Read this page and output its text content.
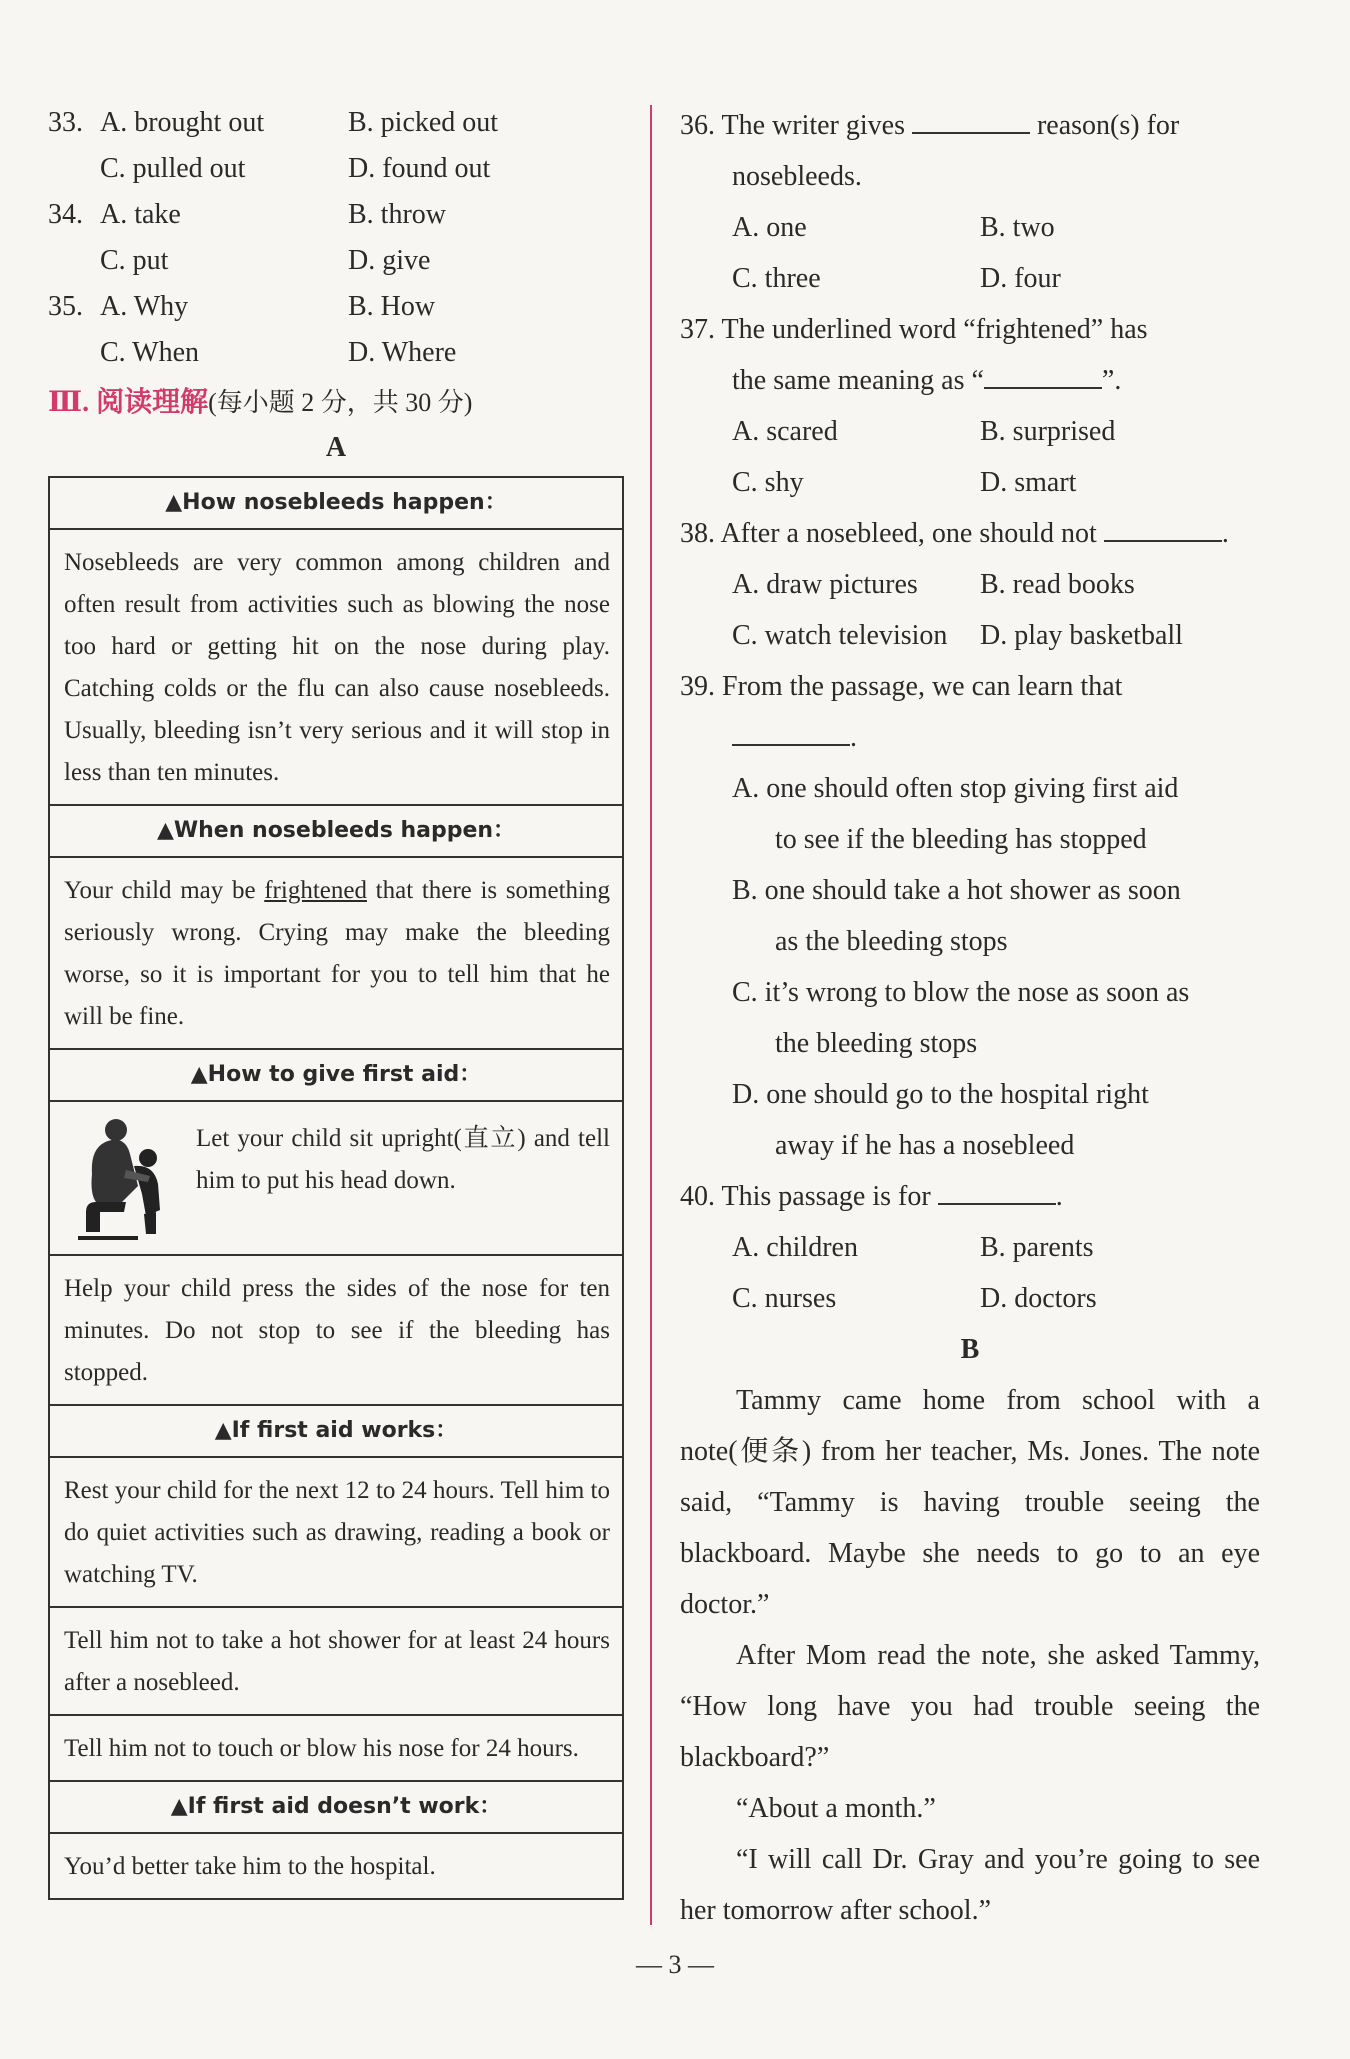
33. A. brought out	B. picked out
C. pulled out	D. found out
34. A. take	B. throw
C. put	D. give
35. A. Why	B. How
C. When	D. Where
Ⅲ. 阅读理解(每小题 2 分，共 30 分)
A
▲How nosebleeds happen：
Nosebleeds are very common among children and often result from activities such as blowing the nose too hard or getting hit on the nose during play. Catching colds or the flu can also cause nosebleeds. Usually, bleeding isn’t very serious and it will stop in less than ten minutes.
▲When nosebleeds happen：
Your child may be frightened that there is something seriously wrong. Crying may make the bleeding worse, so it is important for you to tell him that he will be fine.
▲How to give first aid：
Let your child sit upright(直立) and tell him to put his head down.
Help your child press the sides of the nose for ten minutes. Do not stop to see if the bleeding has stopped.
▲If first aid works：
Rest your child for the next 12 to 24 hours. Tell him to do quiet activities such as drawing, reading a book or watching TV.
Tell him not to take a hot shower for at least 24 hours after a nosebleed.
Tell him not to touch or blow his nose for 24 hours.
▲If first aid doesn’t work：
You’d better take him to the hospital.
36. The writer gives	reason(s) for
nosebleeds.
A. one	B. two
C. three	D. four
37. The underlined word “frightened” has
the same meaning as “	”.
A. scared	B. surprised
C. shy	D. smart
38. After a nosebleed, one should not	.
A. draw pictures B. read books
C. watch television D. play basketball
39. From the passage, we can learn that
.
A. one should often stop giving first aid
to see if the bleeding has stopped
B. one should take a hot shower as soon
as the bleeding stops
C. it’s wrong to blow the nose as soon as
the bleeding stops
D. one should go to the hospital right
away if he has a nosebleed
40. This passage is for	.
A. children	B. parents
C. nurses	D. doctors
B
Tammy came home from school with a note(便条) from her teacher, Ms. Jones. The note said, “Tammy is having trouble seeing the blackboard. Maybe she needs to go to an eye doctor.”
After Mom read the note, she asked Tammy, “How long have you had trouble seeing the blackboard?”
“About a month.”
“I will call Dr. Gray and you’re going to see her tomorrow after school.”
— 3 —
